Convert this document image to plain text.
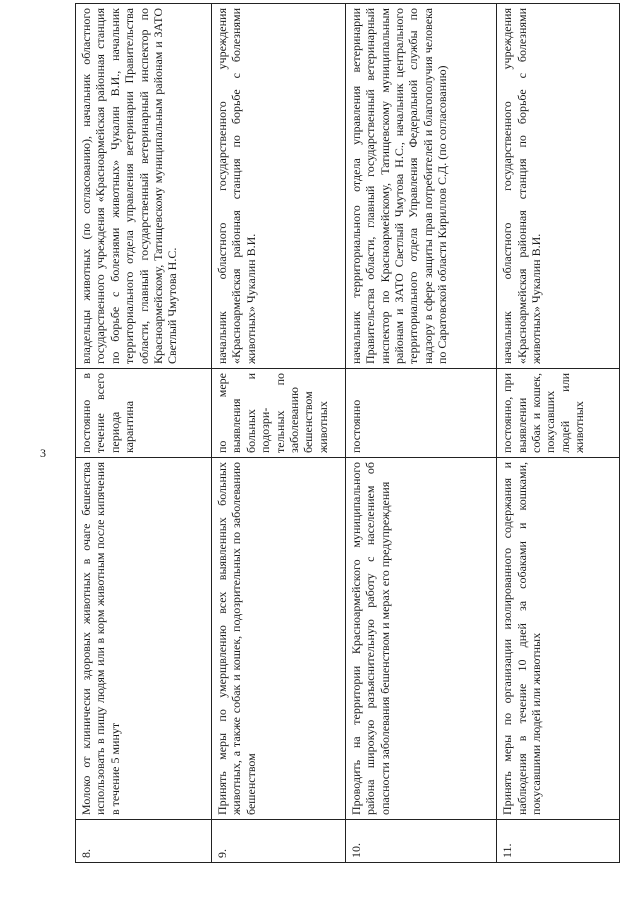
3
8.	Молоко от клинически здоровых животных в очаге бешенства использовать в пищу людям или в корм животным после кипячения в течение 5 минут	постоянно в течение всего периода карантина	владельцы животных (по согласованию), начальник областного государственного учреждения «Красноармейская районная станция по борьбе с болезнями животных» Чукалин В.И., начальник территориального отдела управления ветеринарии Правительства области, главный государственный ветеринарный инспектор по Красноармейскому, Татищевскому муниципальным районам и ЗАТО Светлый Чмутова Н.С.
9.	Принять меры по умерщвлению всех выявленных больных животных, а также собак и кошек, подозрительных по заболеванию бешенством	по мере выявления больных и подозри-тельных по заболеванию бешенством животных	начальник областного государственного учреждения «Красноармейская районная станция по борьбе с болезнями животных» Чукалин В.И.
10.	Проводить на территории Красноармейского муниципального района широкую разъяснительную работу с населением об опасности заболевания бешенством и мерах его предупреждения	постоянно	начальник территориального отдела управления ветеринарии Правительства области, главный государственный ветеринарный инспектор по Красноармейскому, Татищевскому муниципальным районам и ЗАТО Светлый Чмутова Н.С., начальник центрального территориального отдела Управления Федеральной службы по надзору в сфере защиты прав потребителей и благополучия человека по Саратовской области Кириллов С.Д. (по согласованию)
11.	Принять меры по организации изолированного содержания и наблюдения в течение 10 дней за собаками и кошками, покусавшими людей или животных	постоянно, при выявлении собак и кошек, покусавших людей или животных	начальник областного государственного учреждения «Красноармейская районная станция по борьбе с болезнями животных» Чукалин В.И.
